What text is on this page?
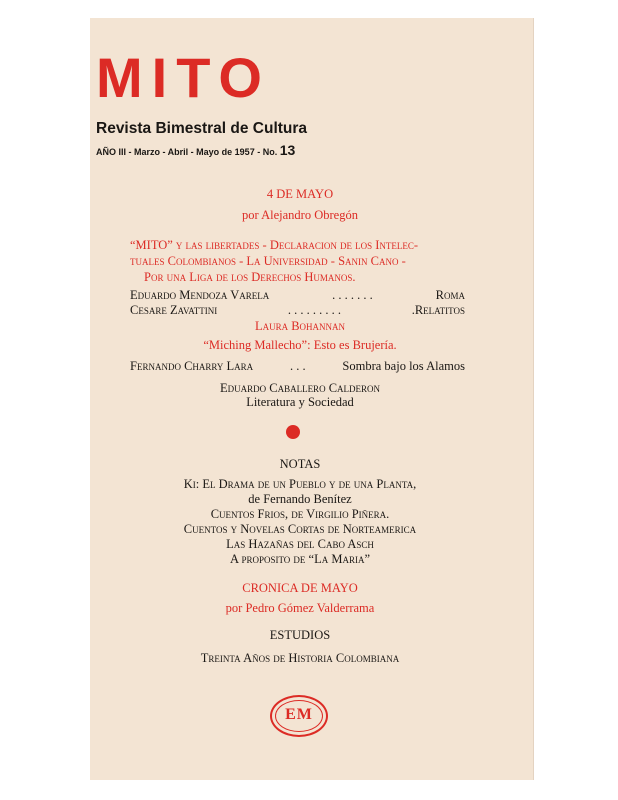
MITO
Revista Bimestral de Cultura
AÑO III - Marzo - Abril - Mayo de 1957 - No. 13
4 DE MAYO
por Alejandro Obregón
“MITO” y las libertades - Declaracion de los Intelec-
tuales Colombianos - La Universidad - Sanin Cano -
Por una Liga de los Derechos Humanos.
Eduardo Mendoza Varela	. . . . . . .	Roma
Cesare Zavattini	. . . . . . . . .	.Relatitos
Laura Bohannan
“Miching Mallecho”: Esto es Brujería.
Fernando Charry Lara	. . .	Sombra bajo los Alamos
Eduardo Caballero Calderon
Literatura y Sociedad
NOTAS
Ki: El Drama de un Pueblo y de una Planta,
de Fernando Benítez
Cuentos Frios, de Virgilio Piñera.
Cuentos y Novelas Cortas de Norteamerica
Las Hazañas del Cabo Asch
A proposito de “La Maria”
CRONICA DE MAYO
por Pedro Gómez Valderrama
ESTUDIOS
Treinta Años de Historia Colombiana
EM
